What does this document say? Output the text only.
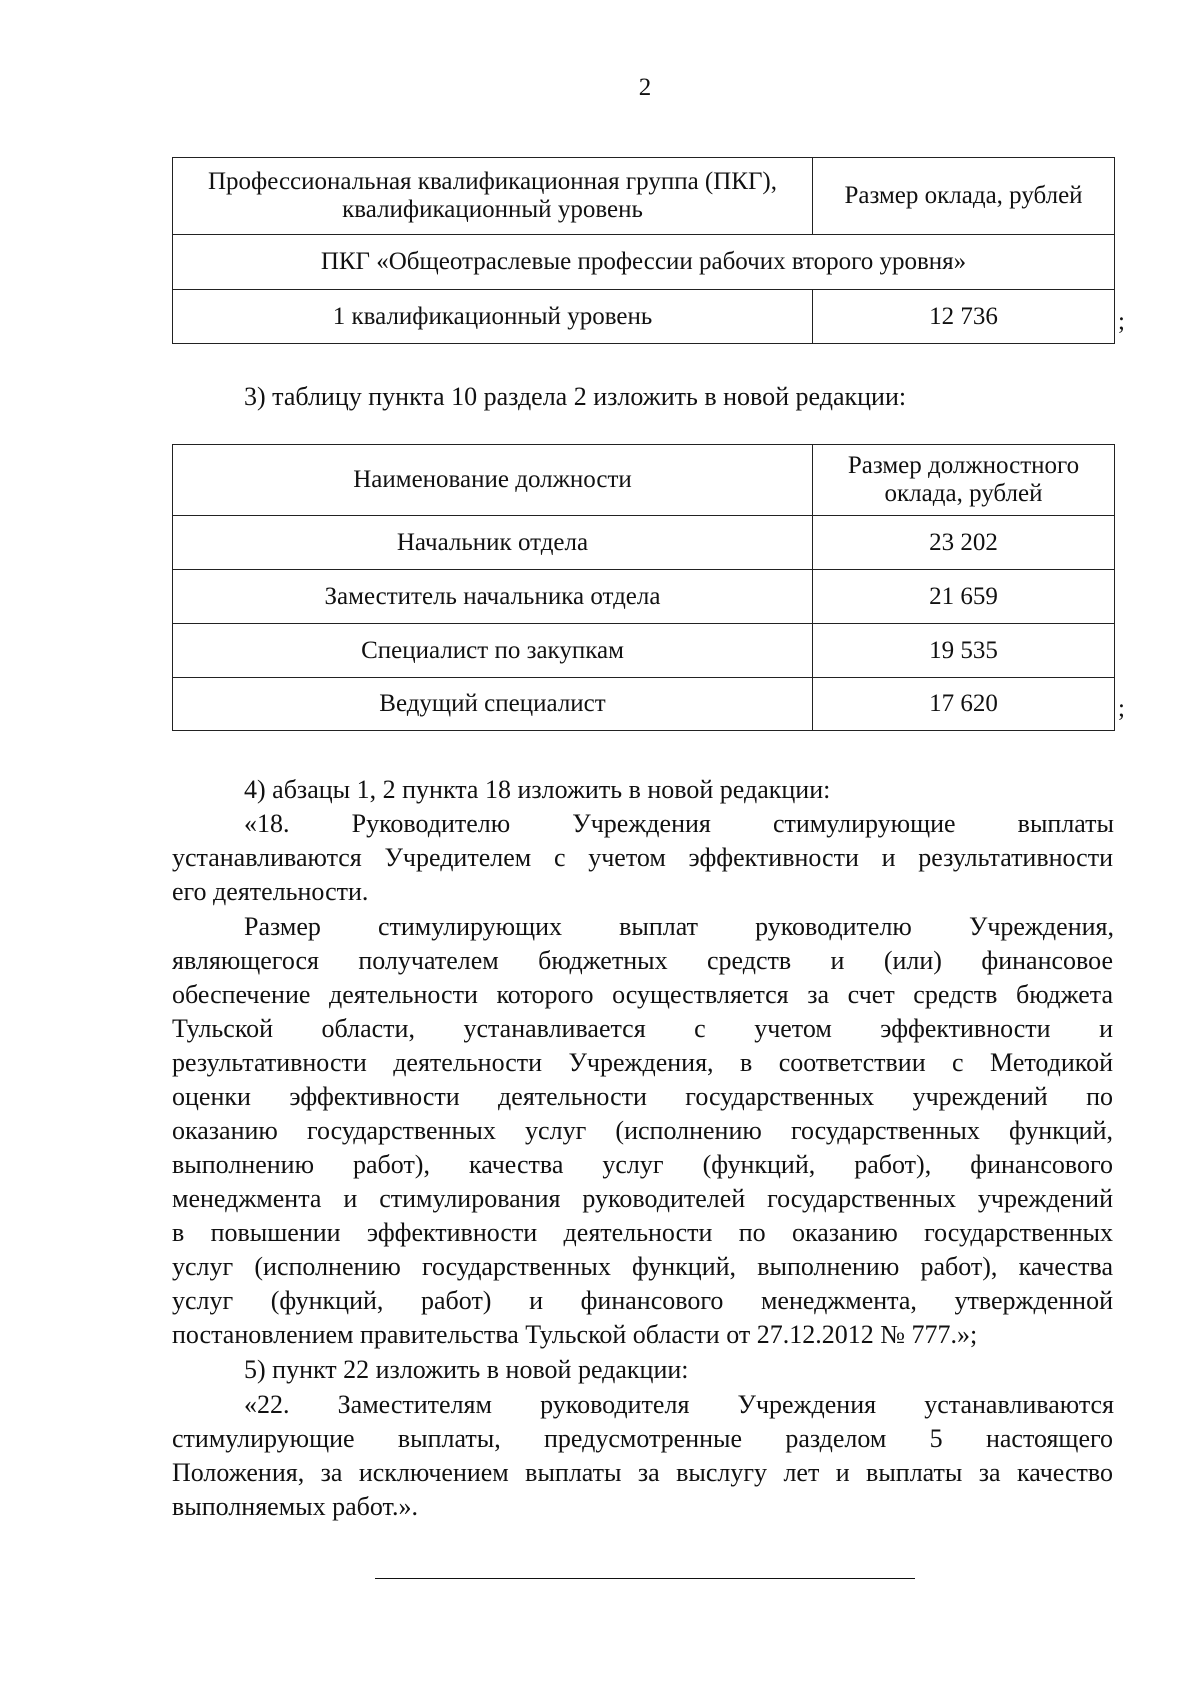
2
Профессиональная квалификационная группа (ПКГ), квалификационный уровень	Размер оклада, рублей
ПКГ «Общеотраслевые профессии рабочих второго уровня»	
1 квалификационный уровень	12 736	;

3) таблицу пункта 10 раздела 2 изложить в новой редакции:

Наименование должности	Размер должностного оклада, рублей
Начальник отдела	23 202
Заместитель начальника отдела	21 659
Специалист по закупкам	19 535
Ведущий специалист	17 620	;

4) абзацы 1, 2 пункта 18 изложить в новой редакции:

«18. Руководителю Учреждения стимулирующие выплаты

устанавливаются Учредителем с учетом эффективности и результативности

его деятельности.

Размер стимулирующих выплат руководителю Учреждения,

являющегося получателем бюджетных средств и (или) финансовое

обеспечение деятельности которого осуществляется за счет средств бюджета

Тульской области, устанавливается с учетом эффективности и

результативности деятельности Учреждения, в соответствии с Методикой

оценки эффективности деятельности государственных учреждений по

оказанию государственных услуг (исполнению государственных функций,

выполнению работ), качества услуг (функций, работ), финансового

менеджмента и стимулирования руководителей государственных учреждений

в повышении эффективности деятельности по оказанию государственных

услуг (исполнению государственных функций, выполнению работ), качества

услуг (функций, работ) и финансового менеджмента, утвержденной

постановлением правительства Тульской области от 27.12.2012 № 777.»;

5) пункт 22 изложить в новой редакции:

«22. Заместителям руководителя Учреждения устанавливаются

стимулирующие выплаты, предусмотренные разделом 5 настоящего

Положения, за исключением выплаты за выслугу лет и выплаты за качество

выполняемых работ.».
